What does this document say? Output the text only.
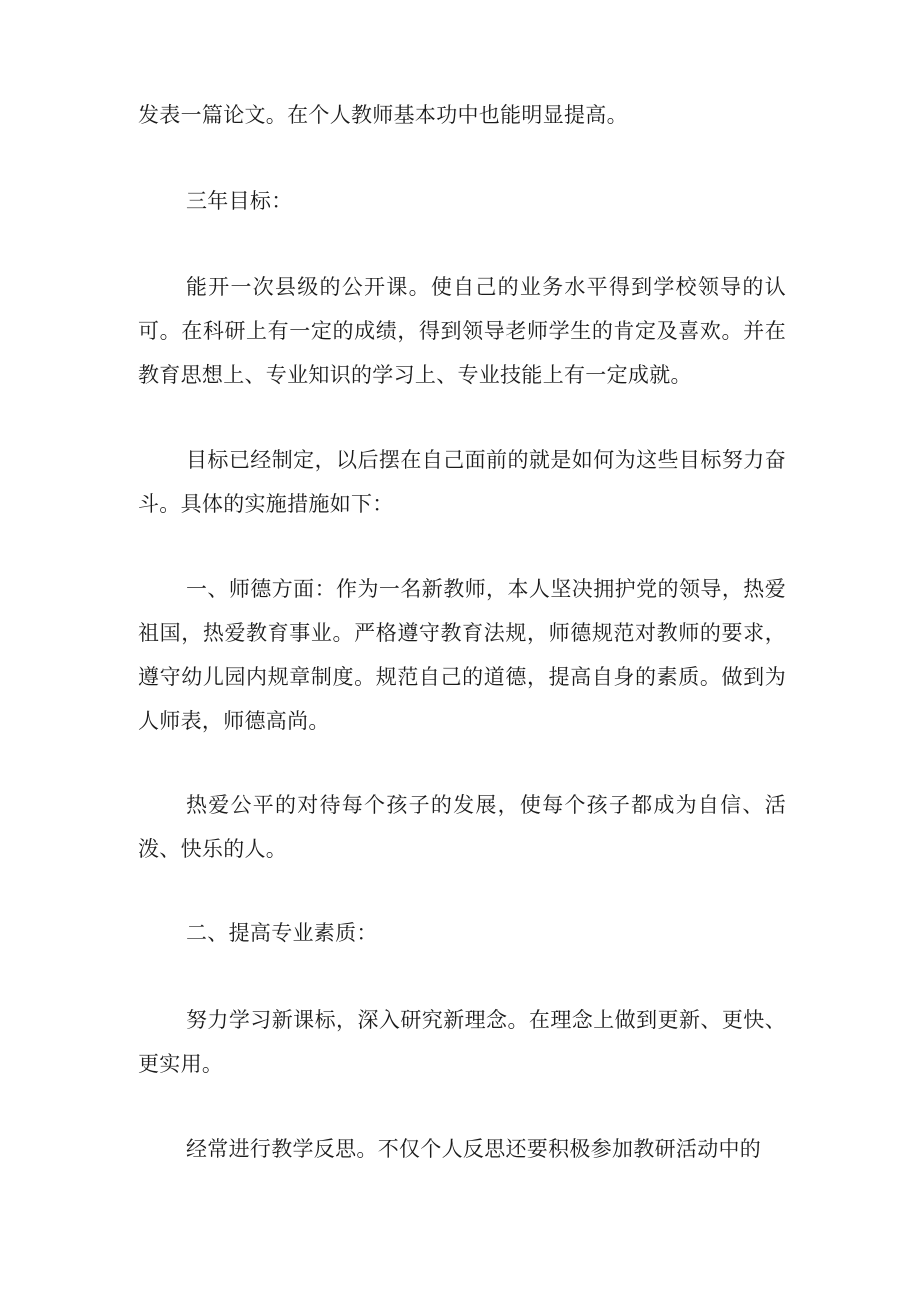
发表一篇论文。在个人教师基本功中也能明显提高。

三年目标：

能开一次县级的公开课。使自己的业务水平得到学校领导的认可。在科研上有一定的成绩，得到领导老师学生的肯定及喜欢。并在教育思想上、专业知识的学习上、专业技能上有一定成就。

目标已经制定，以后摆在自己面前的就是如何为这些目标努力奋斗。具体的实施措施如下：

一、师德方面：作为一名新教师，本人坚决拥护党的领导，热爱祖国，热爱教育事业。严格遵守教育法规，师德规范对教师的要求，遵守幼儿园内规章制度。规范自己的道德，提高自身的素质。做到为人师表，师德高尚。

热爱公平的对待每个孩子的发展，使每个孩子都成为自信、活泼、快乐的人。

二、提高专业素质：

努力学习新课标，深入研究新理念。在理念上做到更新、更快、更实用。

经常进行教学反思。不仅个人反思还要积极参加教研活动中的
